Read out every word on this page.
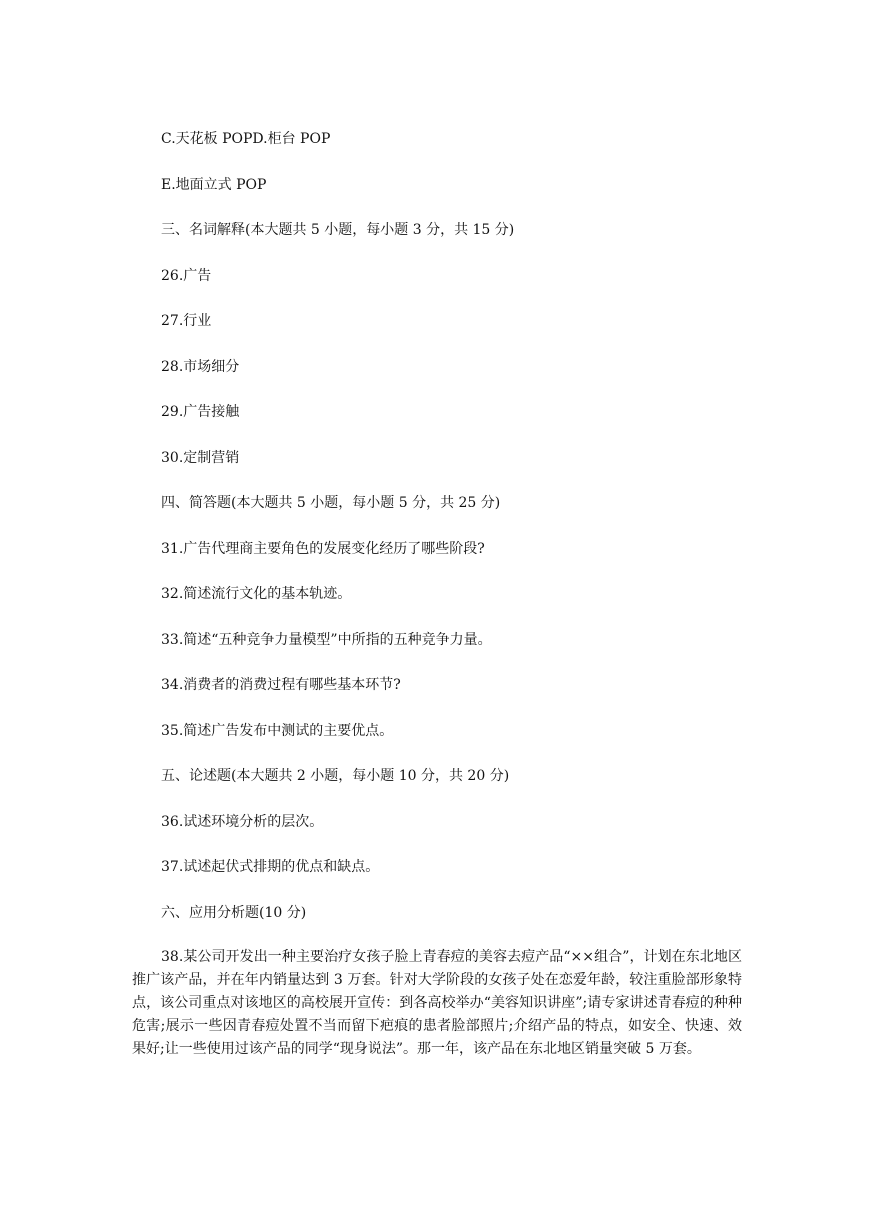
C.天花板 POPD.柜台 POP
E.地面立式 POP
三、名词解释(本大题共 5 小题，每小题 3 分，共 15 分)
26.广告
27.行业
28.市场细分
29.广告接触
30.定制营销
四、简答题(本大题共 5 小题，每小题 5 分，共 25 分)
31.广告代理商主要角色的发展变化经历了哪些阶段?
32.简述流行文化的基本轨迹。
33.简述“五种竞争力量模型”中所指的五种竞争力量。
34.消费者的消费过程有哪些基本环节?
35.简述广告发布中测试的主要优点。
五、论述题(本大题共 2 小题，每小题 10 分，共 20 分)
36.试述环境分析的层次。
37.试述起伏式排期的优点和缺点。
六、应用分析题(10 分)
38.某公司开发出一种主要治疗女孩子脸上青春痘的美容去痘产品“××组合”，计划在东北地区推广该产品，并在年内销量达到 3 万套。针对大学阶段的女孩子处在恋爱年龄，较注重脸部形象特点，该公司重点对该地区的高校展开宣传：到各高校举办“美容知识讲座”;请专家讲述青春痘的种种危害;展示一些因青春痘处置不当而留下疤痕的患者脸部照片;介绍产品的特点，如安全、快速、效果好;让一些使用过该产品的同学“现身说法”。那一年，该产品在东北地区销量突破 5 万套。
